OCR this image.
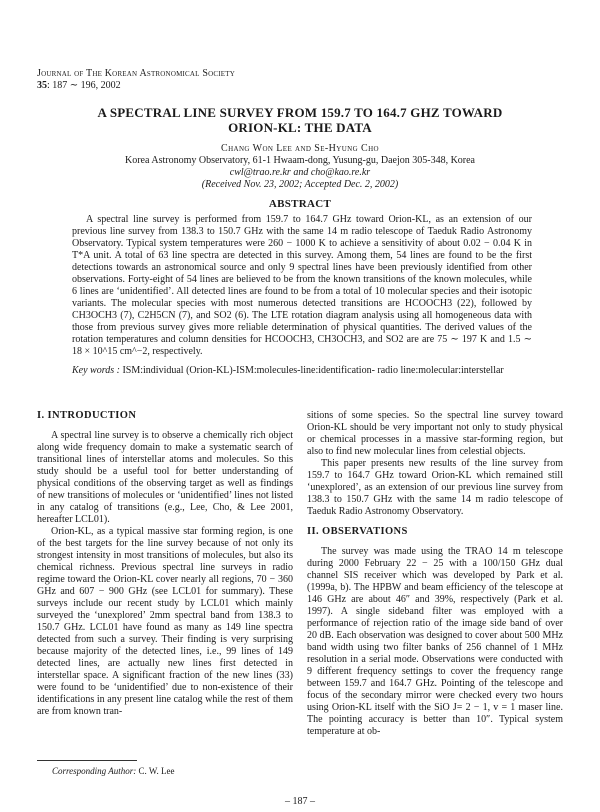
Journal of The Korean Astronomical Society
35: 187 ∼ 196, 2002
A SPECTRAL LINE SURVEY FROM 159.7 TO 164.7 GHZ TOWARD
ORION-KL: THE DATA
Chang Won Lee and Se-Hyung Cho
Korea Astronomy Observatory, 61-1 Hwaam-dong, Yusung-gu, Daejon 305-348, Korea
cwl@trao.re.kr and cho@kao.re.kr
(Received Nov. 23, 2002; Accepted Dec. 2, 2002)
ABSTRACT

A spectral line survey is performed from 159.7 to 164.7 GHz toward Orion-KL, as an extension of our previous line survey from 138.3 to 150.7 GHz with the same 14 m radio telescope of Taeduk Radio Astronomy Observatory. Typical system temperatures were 260 − 1000 K to achieve a sensitivity of about 0.02 − 0.04 K in T*A unit. A total of 63 line spectra are detected in this survey. Among them, 54 lines are found to be the first detections towards an astronomical source and only 9 spectral lines have been previously identified from other observations. Forty-eight of 54 lines are believed to be from the known transitions of the known molecules, while 6 lines are ‘unidentified’. All detected lines are found to be from a total of 10 molecular species and their isotopic variants. The molecular species with most numerous detected transitions are HCOOCH3 (22), followed by CH3OCH3 (7), C2H5CN (7), and SO2 (6). The LTE rotation diagram analysis using all homogeneous data with those from previous survey gives more reliable determination of physical quantities. The derived values of the rotation temperatures and column densities for HCOOCH3, CH3OCH3, and SO2 are are 75 ∼ 197 K and 1.5 ∼ 18 × 10^15 cm^−2, respectively.

Key words : ISM:individual (Orion-KL)-ISM:molecules-line:identification- radio line:molecular:interstellar

I. INTRODUCTION

A spectral line survey is to observe a chemically rich object along wide frequency domain to make a systematic search of transitional lines of interstellar atoms and molecules. So this study should be a useful tool for better understanding of physical conditions of the observing target as well as findings of new transitions of molecules or ‘unidentified’ lines not listed in any catalog of transitions (e.g., Lee, Cho, & Lee 2001, hereafter LCL01).

Orion-KL, as a typical massive star forming region, is one of the best targets for the line survey because of not only its strongest intensity in most transitions of molecules, but also its chemical richness. Previous spectral line surveys in radio regime toward the Orion-KL cover nearly all regions, 70 − 360 GHz and 607 − 900 GHz (see LCL01 for summary). These surveys include our recent study by LCL01 which mainly surveyed the ‘unexplored’ 2mm spectral band from 138.3 to 150.7 GHz. LCL01 have found as many as 149 line spectra detected from such a survey. Their finding is very surprising because majority of the detected lines, i.e., 99 lines of 149 detected lines, are actually new lines first detected in interstellar space. A significant fraction of the new lines (33) were found to be ‘unidentified’ due to non-existence of their identifications in any present line catalog while the rest of them are from known tran-

sitions of some species. So the spectral line survey toward Orion-KL should be very important not only to study physical or chemical processes in a massive star-forming region, but also to find new molecular lines from celestial objects.

This paper presents new results of the line survey from 159.7 to 164.7 GHz toward Orion-KL which remained still ‘unexplored’, as an extension of our previous line survey from 138.3 to 150.7 GHz with the same 14 m radio telescope of Taeduk Radio Astronomy Observatory.

II. OBSERVATIONS

The survey was made using the TRAO 14 m telescope during 2000 February 22 − 25 with a 100/150 GHz dual channel SIS receiver which was developed by Park et al. (1999a, b). The HPBW and beam efficiency of the telescope at 146 GHz are about 46″ and 39%, respectively (Park et al. 1997). A single sideband filter was employed with a performance of rejection ratio of the image side band of over 20 dB. Each observation was designed to cover about 500 MHz band width using two filter banks of 256 channel of 1 MHz resolution in a serial mode. Observations were conducted with 9 different frequency settings to cover the frequency range between 159.7 and 164.7 GHz. Pointing of the telescope and focus of the secondary mirror were checked every two hours using Orion-KL itself with the SiO J= 2 − 1, v = 1 maser line. The pointing accuracy is better than 10″. Typical system temperature at ob-

Corresponding Author: C. W. Lee
– 187 –
